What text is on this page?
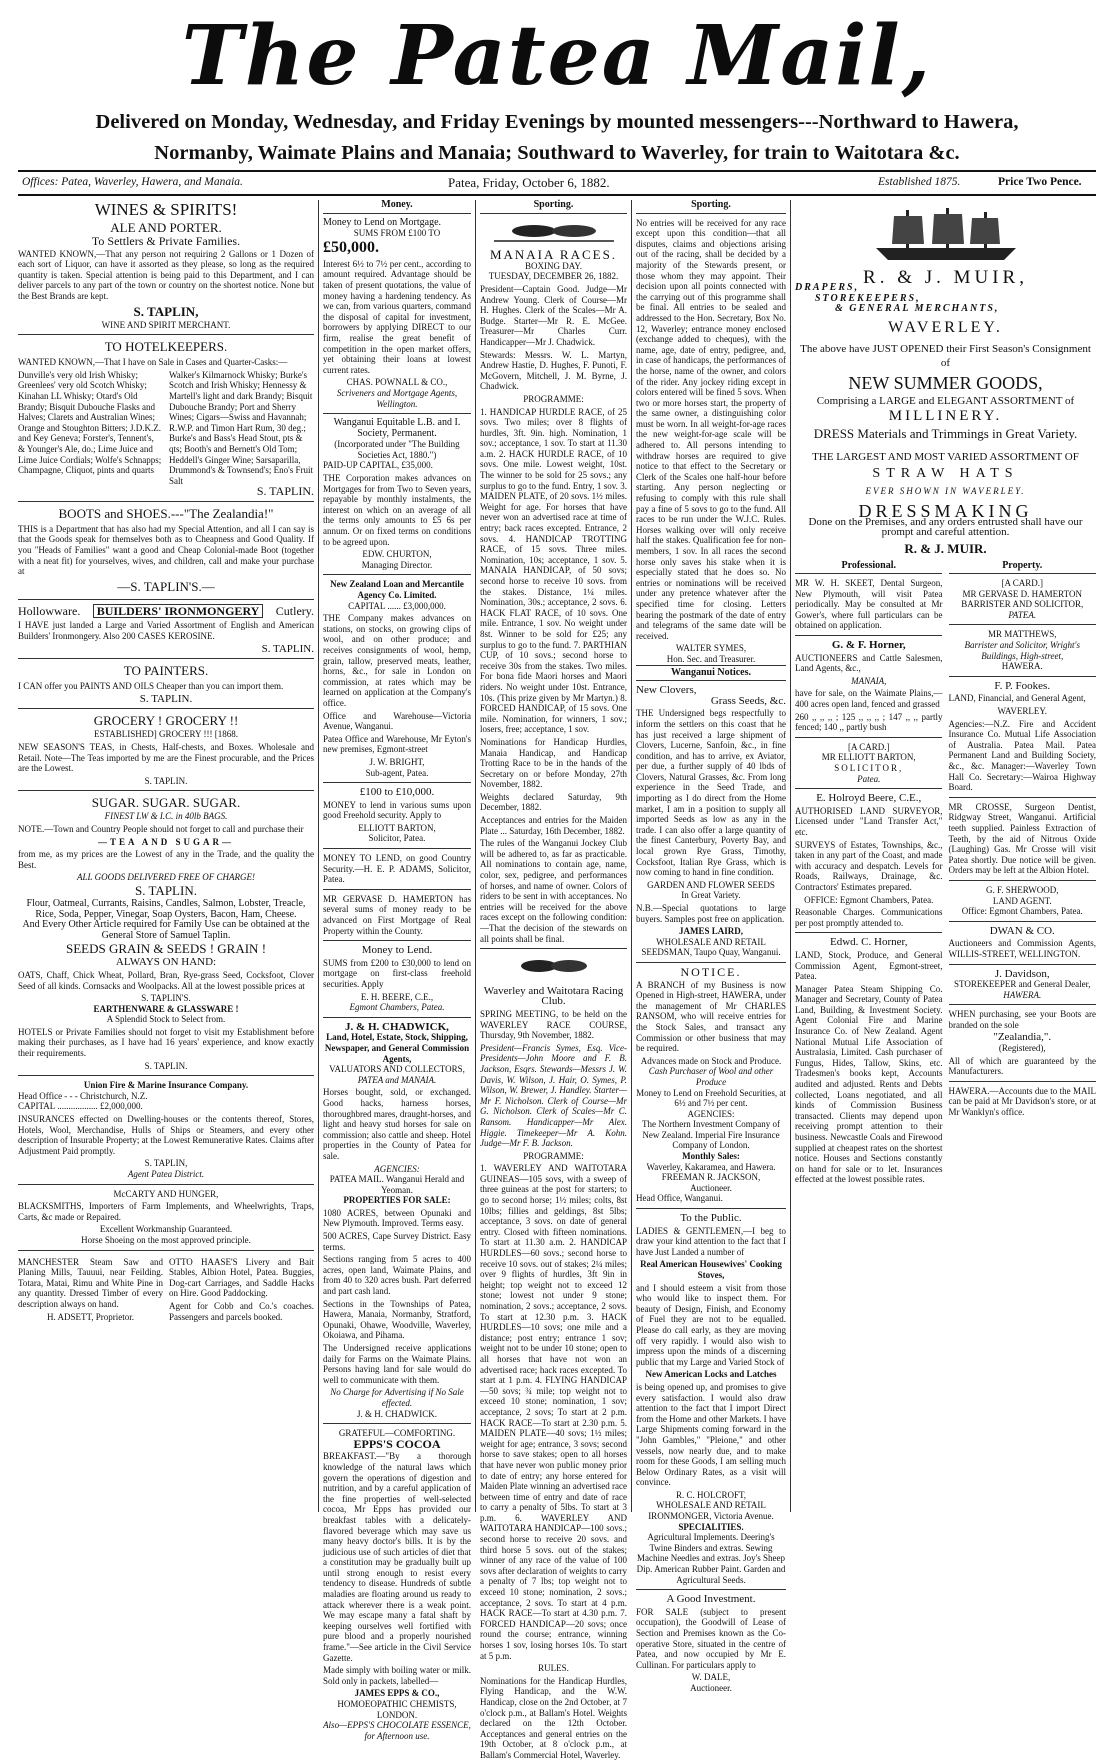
The Patea Mail,
Delivered on Monday, Wednesday, and Friday Evenings by mounted messengers---Northward to Hawera,
Normanby, Waimate Plains and Manaia; Southward to Waverley, for train to Waitotara &c.
Offices: Patea, Waverley, Hawera, and Manaia.	Patea, Friday, October 6, 1882.	Established 1875.	Price Two Pence.
WINES & SPIRITS!
ALE AND PORTER.
To Settlers & Private Families.

WANTED KNOWN,—That any person not requiring 2 Gallons or 1 Dozen of each sort of Liquor, can have it assorted as they please, so long as the required quantity is taken. Special attention is being paid to this Department, and I can deliver parcels to any part of the town or country on the shortest notice. None but the Best Brands are kept.

S. TAPLIN,
WINE AND SPIRIT MERCHANT.
TO HOTELKEEPERS.

WANTED KNOWN,—That I have on Sale in Cases and Quarter-Casks:—

Dunville's very old Irish Whisky; Greenlees' very old Scotch Whisky; Kinahan LL Whisky; Otard's Old Brandy; Bisquit Dubouche Flasks and Halves; Clarets and Australian Wines; Orange and Stoughton Bitters; J.D.K.Z. and Key Geneva; Forster's, Tennent's, & Younger's Ale, do.; Lime Juice and Lime Juice Cordials; Wolfe's Schnapps; Champagne, Cliquot, pints and quarts
Walker's Kilmarnock Whisky; Burke's Scotch and Irish Whisky; Hennessy & Martell's light and dark Brandy; Bisquit Dubouche Brandy; Port and Sherry Wines; Cigars—Swiss and Havannah; R.W.P. and Timon Hart Rum, 30 deg.; Burke's and Bass's Head Stout, pts & qts; Booth's and Bernett's Old Tom; Heddell's Ginger Wine; Sarsaparilla, Drummond's & Townsend's; Eno's Fruit Salt
S. TAPLIN.
BOOTS and SHOES.---"The Zealandia!"

THIS is a Department that has also had my Special Attention, and all I can say is that the Goods speak for themselves both as to Cheapness and Good Quality. If you "Heads of Families" want a good and Cheap Colonial-made Boot (together with a neat fit) for yourselves, wives, and children, call and make your purchase at

—S. TAPLIN'S.—
Hollowware.	BUILDERS' IRONMONGERY	Cutlery.

I HAVE just landed a Large and Varied Assortment of English and American Builders' Ironmongery. Also 200 CASES KEROSINE.

S. TAPLIN.
TO PAINTERS.

I CAN offer you PAINTS AND OILS Cheaper than you can import them.

S. TAPLIN.
GROCERY ! GROCERY !!
ESTABLISHED] GROCERY !!! [1868.

NEW SEASON'S TEAS, in Chests, Half-chests, and Boxes. Wholesale and Retail. Note—The Teas imported by me are the Finest procurable, and the Prices are the Lowest.

S. TAPLIN.
SUGAR. SUGAR. SUGAR.
FINEST LW & I.C. in 40lb BAGS.

NOTE.—Town and Country People should not forget to call and purchase their

—TEA AND SUGAR—

from me, as my prices are the Lowest of any in the Trade, and the quality the Best.

ALL GOODS DELIVERED FREE OF CHARGE!
S. TAPLIN.
Flour, Oatmeal, Currants, Raisins, Candles, Salmon, Lobster, Treacle, Rice, Soda, Pepper, Vinegar, Soap Oysters, Bacon, Ham, Cheese.
And Every Other Article required for Family Use can be obtained at the General Store of Samuel Taplin.
SEEDS GRAIN & SEEDS ! GRAIN !
ALWAYS ON HAND:

OATS, Chaff, Chick Wheat, Pollard, Bran, Rye-grass Seed, Cocksfoot, Clover Seed of all kinds. Cornsacks and Woolpacks. All at the lowest possible prices at

S. TAPLIN'S.
EARTHENWARE & GLASSWARE !
A Splendid Stock to Select from.

HOTELS or Private Families should not forget to visit my Establishment before making their purchases, as I have had 16 years' experience, and know exactly their requirements.

S. TAPLIN.
Union Fire & Marine Insurance Company.
Head Office - - - Christchurch, N.Z.
CAPITAL .................. £2,000,000.

INSURANCES effected on Dwelling-houses or the contents thereof, Stores, Hotels, Wool, Merchandise, Hulls of Ships or Steamers, and every other description of Insurable Property; at the Lowest Remunerative Rates. Claims after Adjustment Paid promptly.

S. TAPLIN,
Agent Patea District.
McCARTY AND HUNGER,

BLACKSMITHS, Importers of Farm Implements, and Wheelwrights, Traps, Carts, &c made or Repaired.

Excellent Workmanship Guaranteed.
Horse Shoeing on the most approved principle.

MANCHESTER Steam Saw and Planing Mills, Tauuui, near Feilding. Totara, Matai, Rimu and White Pine in any quantity. Dressed Timber of every description always on hand.

H. ADSETT, Proprietor.

OTTO HAASE'S Livery and Bait Stables, Albion Hotel, Patea. Buggies, Dog-cart Carriages, and Saddle Hacks on Hire. Good Paddocking.

Agent for Cobb and Co.'s coaches. Passengers and parcels booked.

Money.
Money to Lend on Mortgage.
SUMS FROM £100 TO
£50,000.

Interest 6½ to 7½ per cent., according to amount required. Advantage should be taken of present quotations, the value of money having a hardening tendency. As we can, from various quarters, command the disposal of capital for investment, borrowers by applying DIRECT to our firm, realise the great benefit of competition in the open market offers, yet obtaining their loans at lowest current rates.

CHAS. POWNALL & CO.,
Scriveners and Mortgage Agents, Wellington.
Wanganui Equitable L.B. and I. Society, Permanent.
(Incorporated under "The Building Societies Act, 1880.")
PAID-UP CAPITAL, £35,000.

THE Corporation makes advances on Mortgages for from Two to Seven years, repayable by monthly instalments, the interest on which on an average of all the terms only amounts to £5 6s per annum. Or on fixed terms on conditions to be agreed upon.

EDW. CHURTON,
Managing Director.
New Zealand Loan and Mercantile Agency Co. Limited.
CAPITAL ...... £3,000,000.

THE Company makes advances on stations, on stocks, on growing clips of wool, and on other produce; and receives consignments of wool, hemp, grain, tallow, preserved meats, leather, horns, &c., for sale in London on commission, at rates which may be learned on application at the Company's office.

Office and Warehouse—Victoria Avenue, Wanganui.

Patea Office and Warehouse, Mr Eyton's new premises, Egmont-street

J. W. BRIGHT,
Sub-agent, Patea.
£100 to £10,000.

MONEY to lend in various sums upon good Freehold security. Apply to

ELLIOTT BARTON,
Solicitor, Patea.

MONEY TO LEND, on good Country Security.—H. E. P. ADAMS, Solicitor, Patea.

MR GERVASE D. HAMERTON has several sums of money ready to be advanced on First Mortgage of Real Property within the County.

Money to Lend.

SUMS from £200 to £30,000 to lend on mortgage on first-class freehold securities. Apply

E. H. BEERE, C.E.,
Egmont Chambers, Patea.
J. & H. CHADWICK,
Land, Hotel, Estate, Stock, Shipping, Newspaper, and General Commission Agents,
VALUATORS AND COLLECTORS,
PATEA and MANAIA.

Horses bought, sold, or exchanged. Good hacks, harness horses, thoroughbred mares, draught-horses, and light and heavy stud horses for sale on commission; also cattle and sheep. Hotel properties in the County of Patea for sale.

AGENCIES:
PATEA MAIL. Wanganui Herald and Yeoman.
PROPERTIES FOR SALE:

1080 ACRES, between Opunaki and New Plymouth. Improved. Terms easy.

500 ACRES, Cape Survey District. Easy terms.

Sections ranging from 5 acres to 400 acres, open land, Waimate Plains, and from 40 to 320 acres bush. Part deferred and part cash land.

Sections in the Townships of Patea, Hawera, Manaia, Normanby, Stratford, Opunaki, Ohawe, Woodville, Waverley, Okoiawa, and Pihama.

The Undersigned receive applications daily for Farms on the Waimate Plains. Persons having land for sale would do well to communicate with them.

No Charge for Advertising if No Sale effected.
J. & H. CHADWICK.
GRATEFUL—COMFORTING.
EPPS'S COCOA

BREAKFAST.—"By a thorough knowledge of the natural laws which govern the operations of digestion and nutrition, and by a careful application of the fine properties of well-selected cocoa, Mr Epps has provided our breakfast tables with a delicately-flavored beverage which may save us many heavy doctor's bills. It is by the judicious use of such articles of diet that a constitution may be gradually built up until strong enough to resist every tendency to disease. Hundreds of subtle maladies are floating around us ready to attack wherever there is a weak point. We may escape many a fatal shaft by keeping ourselves well fortified with pure blood and a properly nourished frame."—See article in the Civil Service Gazette.

Made simply with boiling water or milk. Sold only in packets, labelled—

JAMES EPPS & CO.,
HOMOEOPATHIC CHEMISTS, LONDON.
Also—EPPS'S CHOCOLATE ESSENCE, for Afternoon use.
Sporting.
MANAIA RACES.
BOXING DAY.
TUESDAY, DECEMBER 26, 1882.

President—Captain Good. Judge—Mr Andrew Young. Clerk of Course—Mr H. Hughes. Clerk of the Scales—Mr A. Budge. Starter—Mr R. E. McGee. Treasurer—Mr Charles Curr. Handicapper—Mr J. Chadwick.

Stewards: Messrs. W. L. Martyn, Andrew Hastie, D. Hughes, F. Punoti, F. McGovern, Mitchell, J. M. Byrne, J. Chadwick.

PROGRAMME:

1. HANDICAP HURDLE RACE, of 25 sovs. Two miles; over 8 flights of hurdles, 3ft. 9in. high. Nomination, 1 sov.; acceptance, 1 sov. To start at 11.30 a.m. 2. HACK HURDLE RACE, of 10 sovs. One mile. Lowest weight, 10st. The winner to be sold for 25 sovs.; any surplus to go to the fund. Entry, 1 sov. 3. MAIDEN PLATE, of 20 sovs. 1½ miles. Weight for age. For horses that have never won an advertised race at time of entry; back races excepted. Entrance, 2 sovs. 4. HANDICAP TROTTING RACE, of 15 sovs. Three miles. Nomination, 10s; acceptance, 1 sov. 5. MANAIA HANDICAP, of 50 sovs; second horse to receive 10 sovs. from the stakes. Distance, 1¼ miles. Nomination, 30s.; acceptance, 2 sovs. 6. HACK FLAT RACE, of 10 sovs. One mile. Entrance, 1 sov. No weight under 8st. Winner to be sold for £25; any surplus to go to the fund. 7. PARTHIAN CUP, of 10 sovs.; second horse to receive 30s from the stakes. Two miles. For bona fide Maori horses and Maori riders. No weight under 10st. Entrance, 10s. (This prize given by Mr Martyn.) 8. FORCED HANDICAP, of 15 sovs. One mile. Nomination, for winners, 1 sov.; losers, free; acceptance, 1 sov.

Nominations for Handicap Hurdles, Manaia Handicap, and Handicap Trotting Race to be in the hands of the Secretary on or before Monday, 27th November, 1882.

Weights declared Saturday, 9th December, 1882.

Acceptances and entries for the Maiden Plate ... Saturday, 16th December, 1882.

The rules of the Wanganui Jockey Club will be adhered to, as far as practicable. All nominations to contain age, name, color, sex, pedigree, and performances of horses, and name of owner. Colors of riders to be sent in with acceptances. No entries will be received for the above races except on the following condition:—That the decision of the stewards on all points shall be final.

Waverley and Waitotara Racing Club.

SPRING MEETING, to be held on the WAVERLEY RACE COURSE, Thursday, 9th November, 1882.

President—Francis Symes, Esq. Vice-Presidents—John Moore and F. B. Jackson, Esqrs. Stewards—Messrs J. W. Davis, W. Wilson, J. Hair, O. Symes, P. Wilson, W. Brewer, J. Handley. Starter—Mr F. Nicholson. Clerk of Course—Mr G. Nicholson. Clerk of Scales—Mr C. Ransom. Handicapper—Mr Alex. Higgie. Timekeeper—Mr A. Kohn. Judge—Mr F. B. Jackson.

PROGRAMME:

1. WAVERLEY AND WAITOTARA GUINEAS—105 sovs, with a sweep of three guineas at the post for starters; to go to second horse; 1½ miles; colts, 8st 10lbs; fillies and geldings, 8st 5lbs; acceptance, 3 sovs. on date of general entry. Closed with fifteen nominations. To start at 11.30 a.m. 2. HANDICAP HURDLES—60 sovs.; second horse to receive 10 sovs. out of stakes; 2¼ miles; over 9 flights of hurdles, 3ft 9in in height; top weight not to exceed 12 stone; lowest not under 9 stone; nomination, 2 sovs.; acceptance, 2 sovs. To start at 12.30 p.m. 3. HACK HURDLES—10 sovs; one mile and a distance; post entry; entrance 1 sov; weight not to be under 10 stone; open to all horses that have not won an advertised race; hack races excepted. To start at 1 p.m. 4. FLYING HANDICAP—50 sovs; ¾ mile; top weight not to exceed 10 stone; nomination, 1 sov; acceptance, 2 sovs; To start at 2 p.m. HACK RACE—To start at 2.30 p.m. 5. MAIDEN PLATE—40 sovs; 1½ miles; weight for age; entrance, 3 sovs; second horse to save stakes; open to all horses that have never won public money prior to date of entry; any horse entered for Maiden Plate winning an advertised race between time of entry and date of race to carry a penalty of 5lbs. To start at 3 p.m. 6. WAVERLEY AND WAITOTARA HANDICAP—100 sovs.; second horse to receive 20 sovs. and third horse 5 sovs. out of the stakes; winner of any race of the value of 100 sovs after declaration of weights to carry a penalty of 7 lbs; top weight not to exceed 10 stone; nomination, 2 sovs.; acceptance, 2 sovs. To start at 4 p.m. HACK RACE—To start at 4.30 p.m. 7. FORCED HANDICAP—20 sovs; once round the course; entrance, winning horses 1 sov, losing horses 10s. To start at 5 p.m.

RULES.

Nominations for the Handicap Hurdles, Flying Handicap, and the W.W. Handicap, close on the 2nd October, at 7 o'clock p.m., at Ballam's Hotel. Weights declared on the 12th October. Acceptances and general entries on the 19th October, at 8 o'clock p.m., at Ballam's Commercial Hotel, Waverley.

Sporting.

No entries will be received for any race except upon this condition—that all disputes, claims and objections arising out of the racing, shall be decided by a majority of the Stewards present, or those whom they may appoint. Their decision upon all points connected with the carrying out of this programme shall be final. All entries to be sealed and addressed to the Hon. Secretary, Box No. 12, Waverley; entrance money enclosed (exchange added to cheques), with the name, age, date of entry, pedigree, and, in case of handicaps, the performances of the horse, name of the owner, and colors of the rider. Any jockey riding except in colors entered will be fined 5 sovs. When two or more horses start, the property of the same owner, a distinguishing color must be worn. In all weight-for-age races the new weight-for-age scale will be adhered to. All persons intending to withdraw horses are required to give notice to that effect to the Secretary or Clerk of the Scales one half-hour before starting. Any person neglecting or refusing to comply with this rule shall pay a fine of 5 sovs to go to the fund. All races to be run under the W.J.C. Rules. Horses walking over will only receive half the stakes. Qualification fee for non-members, 1 sov. In all races the second horse only saves his stake when it is especially stated that he does so. No entries or nominations will be received under any pretence whatever after the specified time for closing. Letters bearing the postmark of the date of entry and telegrams of the same date will be received.

WALTER SYMES,
Hon. Sec. and Treasurer.
Wanganui Notices.
New Clovers,
Grass Seeds, &c.

THE Undersigned begs respectfully to inform the settlers on this coast that he has just received a large shipment of Clovers, Lucerne, Sanfoin, &c., in fine condition, and has to arrive, ex Aviator, per due, a further supply of 40 lbds of Clovers, Natural Grasses, &c. From long experience in the Seed Trade, and importing as I do direct from the Home market, I am in a position to supply all imported Seeds as low as any in the trade. I can also offer a large quantity of the finest Canterbury, Poverty Bay, and local grown Rye Grass, Timothy, Cocksfoot, Italian Rye Grass, which is now coming to hand in fine condition.

GARDEN AND FLOWER SEEDS
In Great Variety.

N.B.—Special quotations to large buyers. Samples post free on application.

JAMES LAIRD,
WHOLESALE AND RETAIL SEEDSMAN, Taupo Quay, Wanganui.
NOTICE.

A BRANCH of my Business is now Opened in High-street, HAWERA, under the management of Mr CHARLES RANSOM, who will receive entries for the Stock Sales, and transact any Commission or other business that may be required.

Advances made on Stock and Produce.
Cash Purchaser of Wool and other Produce
Money to Lend on Freehold Securities, at 6½ and 7½ per cent.
AGENCIES:
The Northern Investment Company of New Zealand. Imperial Fire Insurance Company of London.
Monthly Sales:
Waverley, Kakaramea, and Hawera.
FREEMAN R. JACKSON,
Auctioneer.
Head Office, Wanganui.
To the Public.

LADIES & GENTLEMEN,—I beg to draw your kind attention to the fact that I have Just Landed a number of

Real American Housewives' Cooking Stoves,

and I should esteem a visit from those who would like to inspect them. For beauty of Design, Finish, and Economy of Fuel they are not to be equalled. Please do call early, as they are moving off very rapidly. I would also wish to impress upon the minds of a discerning public that my Large and Varied Stock of

New American Locks and Latches

is being opened up, and promises to give every satisfaction. I would also draw attention to the fact that I import Direct from the Home and other Markets. I have Large Shipments coming forward in the "John Gambles," "Pleione," and other vessels, now nearly due, and to make room for these Goods, I am selling much Below Ordinary Rates, as a visit will convince.

R. C. HOLCROFT,
WHOLESALE AND RETAIL IRONMONGER, Victoria Avenue.
SPECIALITIES.
Agricultural Implements. Deering's Twine Binders and extras. Sewing Machine Needles and extras. Joy's Sheep Dip. American Rubber Paint. Garden and Agricultural Seeds.
A Good Investment.

FOR SALE (subject to present occupation), the Goodwill of Lease of Section and Premises known as the Co-operative Store, situated in the centre of Patea, and now occupied by Mr E. Cullinan. For particulars apply to

W. DALE,
Auctioneer.
R. & J. MUIR,
DRAPERS,
STOREKEEPERS,
& GENERAL MERCHANTS,
WAVERLEY.
The above have JUST OPENED their First Season's Consignment of
NEW SUMMER GOODS,
Comprising a LARGE and ELEGANT ASSORTMENT of
MILLINERY.
DRESS Materials and Trimmings in Great Variety.
THE LARGEST AND MOST VARIED ASSORTMENT OF
STRAW HATS
EVER SHOWN IN WAVERLEY.
DRESSMAKING
Done on the Premises, and any orders entrusted shall have our prompt and careful attention.
R. & J. MUIR.
Professional.

MR W. H. SKEET, Dental Surgeon, New Plymouth, will visit Patea periodically. May be consulted at Mr Gower's, where full particulars can be obtained on application.

G. & F. Horner,

AUCTIONEERS and Cattle Salesmen, Land Agents, &c.,

MANAIA,

have for sale, on the Waimate Plains,—400 acres open land, fenced and grassed

260 ,, ,, ,, ; 125 ,, ,, ,, ; 147 ,, ,, partly fenced; 140 ,, partly bush

[A CARD.]
MR ELLIOTT BARTON,
SOLICITOR,
Patea.
E. Holroyd Beere, C.E.,

AUTHORISED LAND SURVEYOR, Licensed under "Land Transfer Act," etc.

SURVEYS of Estates, Townships, &c., taken in any part of the Coast, and made with accuracy and despatch. Levels for Roads, Railways, Drainage, &c. Contractors' Estimates prepared.

OFFICE: Egmont Chambers, Patea.

Reasonable Charges. Communications per post promptly attended to.

Edwd. C. Horner,

LAND, Stock, Produce, and General Commission Agent, Egmont-street, Patea.

Manager Patea Steam Shipping Co. Manager and Secretary, County of Patea Land, Building, & Investment Society. Agent Colonial Fire and Marine Insurance Co. of New Zealand. Agent National Mutual Life Association of Australasia, Limited. Cash purchaser of Fungus, Hides, Tallow, Skins, etc. Tradesmen's books kept, Accounts audited and adjusted. Rents and Debts collected, Loans negotiated, and all kinds of Commission Business transacted. Clients may depend upon receiving prompt attention to their business. Newcastle Coals and Firewood supplied at cheapest rates on the shortest notice. Houses and Sections constantly on hand for sale or to let. Insurances effected at the lowest possible rates.

Property.
[A CARD.]
MR GERVASE D. HAMERTON
BARRISTER AND SOLICITOR,
PATEA.
MR MATTHEWS,
Barrister and Solicitor, Wright's Buildings, High-street,
HAWERA.
F. P. Fookes.

LAND, Financial, and General Agent,

WAVERLEY.

Agencies:—N.Z. Fire and Accident Insurance Co. Mutual Life Association of Australia. Patea Mail. Patea Permanent Land and Building Society, &c., &c. Manager:—Waverley Town Hall Co. Secretary:—Wairoa Highway Board.

MR CROSSE, Surgeon Dentist, Ridgway Street, Wanganui. Artificial teeth supplied. Painless Extraction of Teeth, by the aid of Nitrous Oxide (Laughing) Gas. Mr Crosse will visit Patea shortly. Due notice will be given. Orders may be left at the Albion Hotel.

G. F. SHERWOOD,
LAND AGENT.
Office: Egmont Chambers, Patea.
DWAN & CO.

Auctioneers and Commission Agents, WILLIS-STREET, WELLINGTON.

J. Davidson,
STOREKEEPER and General Dealer,
HAWERA.

WHEN purchasing, see your Boots are branded on the sole

"Zealandia,".
(Registered),

All of which are guaranteed by the Manufacturers.

HAWERA.—Accounts due to the MAIL can be paid at Mr Davidson's store, or at Mr Wanklyn's office.
